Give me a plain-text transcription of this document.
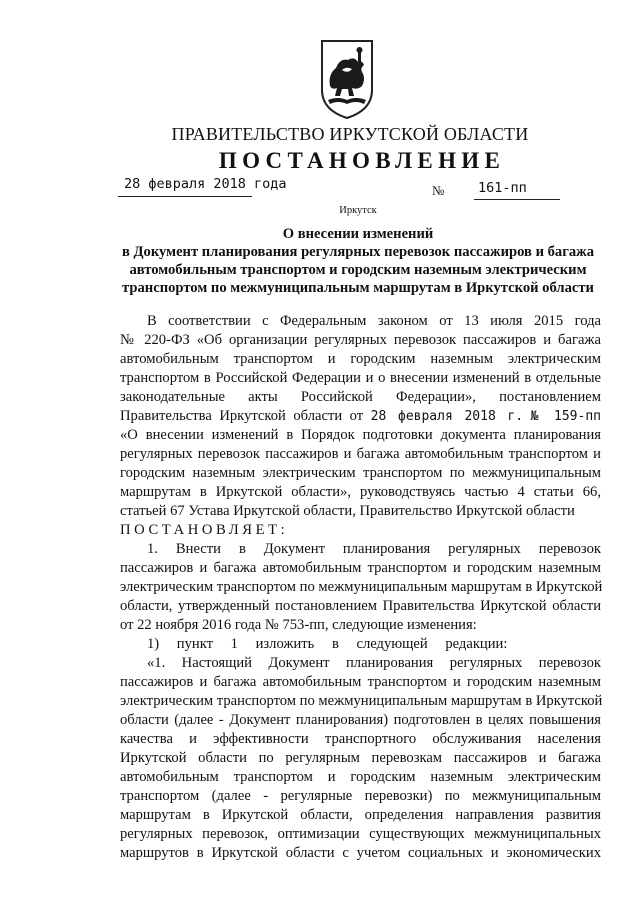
ПРАВИТЕЛЬСТВО ИРКУТСКОЙ ОБЛАСТИ
ПОСТАНОВЛЕНИЕ
28 февраля 2018 года	№ 161-пп
Иркутск
О внесении изменений
в Документ планирования регулярных перевозок пассажиров и багажа
автомобильным транспортом и городским наземным электрическим
транспортом по межмуниципальным маршрутам в Иркутской области
В соответствии с Федеральным законом от 13 июля 2015 года
№ 220-ФЗ «Об организации регулярных перевозок пассажиров и багажа
автомобильным транспортом и городским наземным электрическим
транспортом в Российской Федерации и о внесении изменений в отдельные
законодательные акты Российской Федерации», постановлением
Правительства Иркутской области от 28 февраля 2018 г. № 159-пп
«О внесении изменений в Порядок подготовки документа планирования
регулярных перевозок пассажиров и багажа автомобильным транспортом и
городским наземным электрическим транспортом по межмуниципальным
маршрутам в Иркутской области», руководствуясь частью 4 статьи 66,
статьей 67 Устава Иркутской области, Правительство Иркутской области
ПОСТАНОВЛЯЕТ:
1. Внести в Документ планирования регулярных перевозок
пассажиров и багажа автомобильным транспортом и городским наземным
электрическим транспортом по межмуниципальным маршрутам в Иркутской
области, утвержденный постановлением Правительства Иркутской области
от 22 ноября 2016 года № 753-пп, следующие изменения:
1) пункт 1 изложить в следующей редакции:
«1. Настоящий Документ планирования регулярных перевозок
пассажиров и багажа автомобильным транспортом и городским наземным
электрическим транспортом по межмуниципальным маршрутам в Иркутской
области (далее - Документ планирования) подготовлен в целях повышения
качества и эффективности транспортного обслуживания населения
Иркутской области по регулярным перевозкам пассажиров и багажа
автомобильным транспортом и городским наземным электрическим
транспортом (далее - регулярные перевозки) по межмуниципальным
маршрутам в Иркутской области, определения направления развития
регулярных перевозок, оптимизации существующих межмуниципальных
маршрутов в Иркутской области с учетом социальных и экономических
